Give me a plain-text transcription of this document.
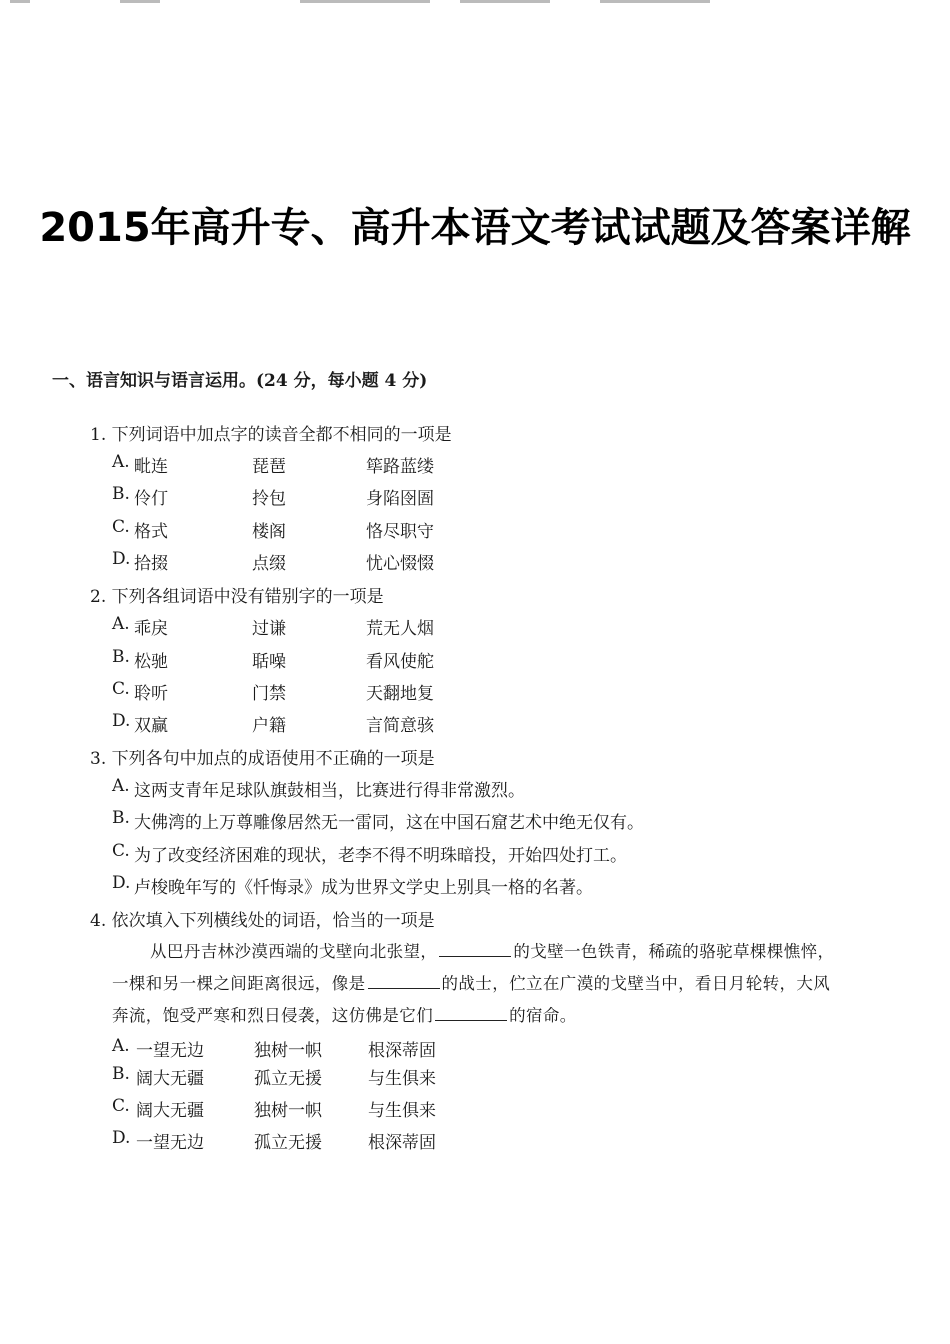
2015年高升专、高升本语文考试试题及答案详解
一、语言知识与语言运用。(24 分，每小题 4 分)
1. 下列词语中加点字的读音全都不相同的一项是
A. 毗连	琵琶	筚路蓝缕
B. 伶仃	拎包	身陷囹圄
C. 格式	楼阁	恪尽职守
D. 拾掇	点缀	忧心惙惙
2. 下列各组词语中没有错别字的一项是
A. 乖戾	过谦	荒无人烟
B. 松驰	聒噪	看风使舵
C. 聆听	门禁	天翻地复
D. 双赢	户籍	言简意骇
3. 下列各句中加点的成语使用不正确的一项是
A. 这两支青年足球队旗鼓相当，比赛进行得非常激烈。
B. 大佛湾的上万尊雕像居然无一雷同，这在中国石窟艺术中绝无仅有。
C. 为了改变经济困难的现状，老李不得不明珠暗投，开始四处打工。
D. 卢梭晚年写的《忏悔录》成为世界文学史上别具一格的名著。
4. 依次填入下列横线处的词语，恰当的一项是
从巴丹吉林沙漠西端的戈壁向北张望，	的戈壁一色铁青，稀疏的骆驼草棵棵憔悴，
一棵和另一棵之间距离很远，像是	的战士，伫立在广漠的戈壁当中，看日月轮转，大风
奔流，饱受严寒和烈日侵袭，这仿佛是它们	的宿命。
A. 一望无边	独树一帜	根深蒂固
B. 阔大无疆	孤立无援	与生俱来
C. 阔大无疆	独树一帜	与生俱来
D. 一望无边	孤立无援	根深蒂固
